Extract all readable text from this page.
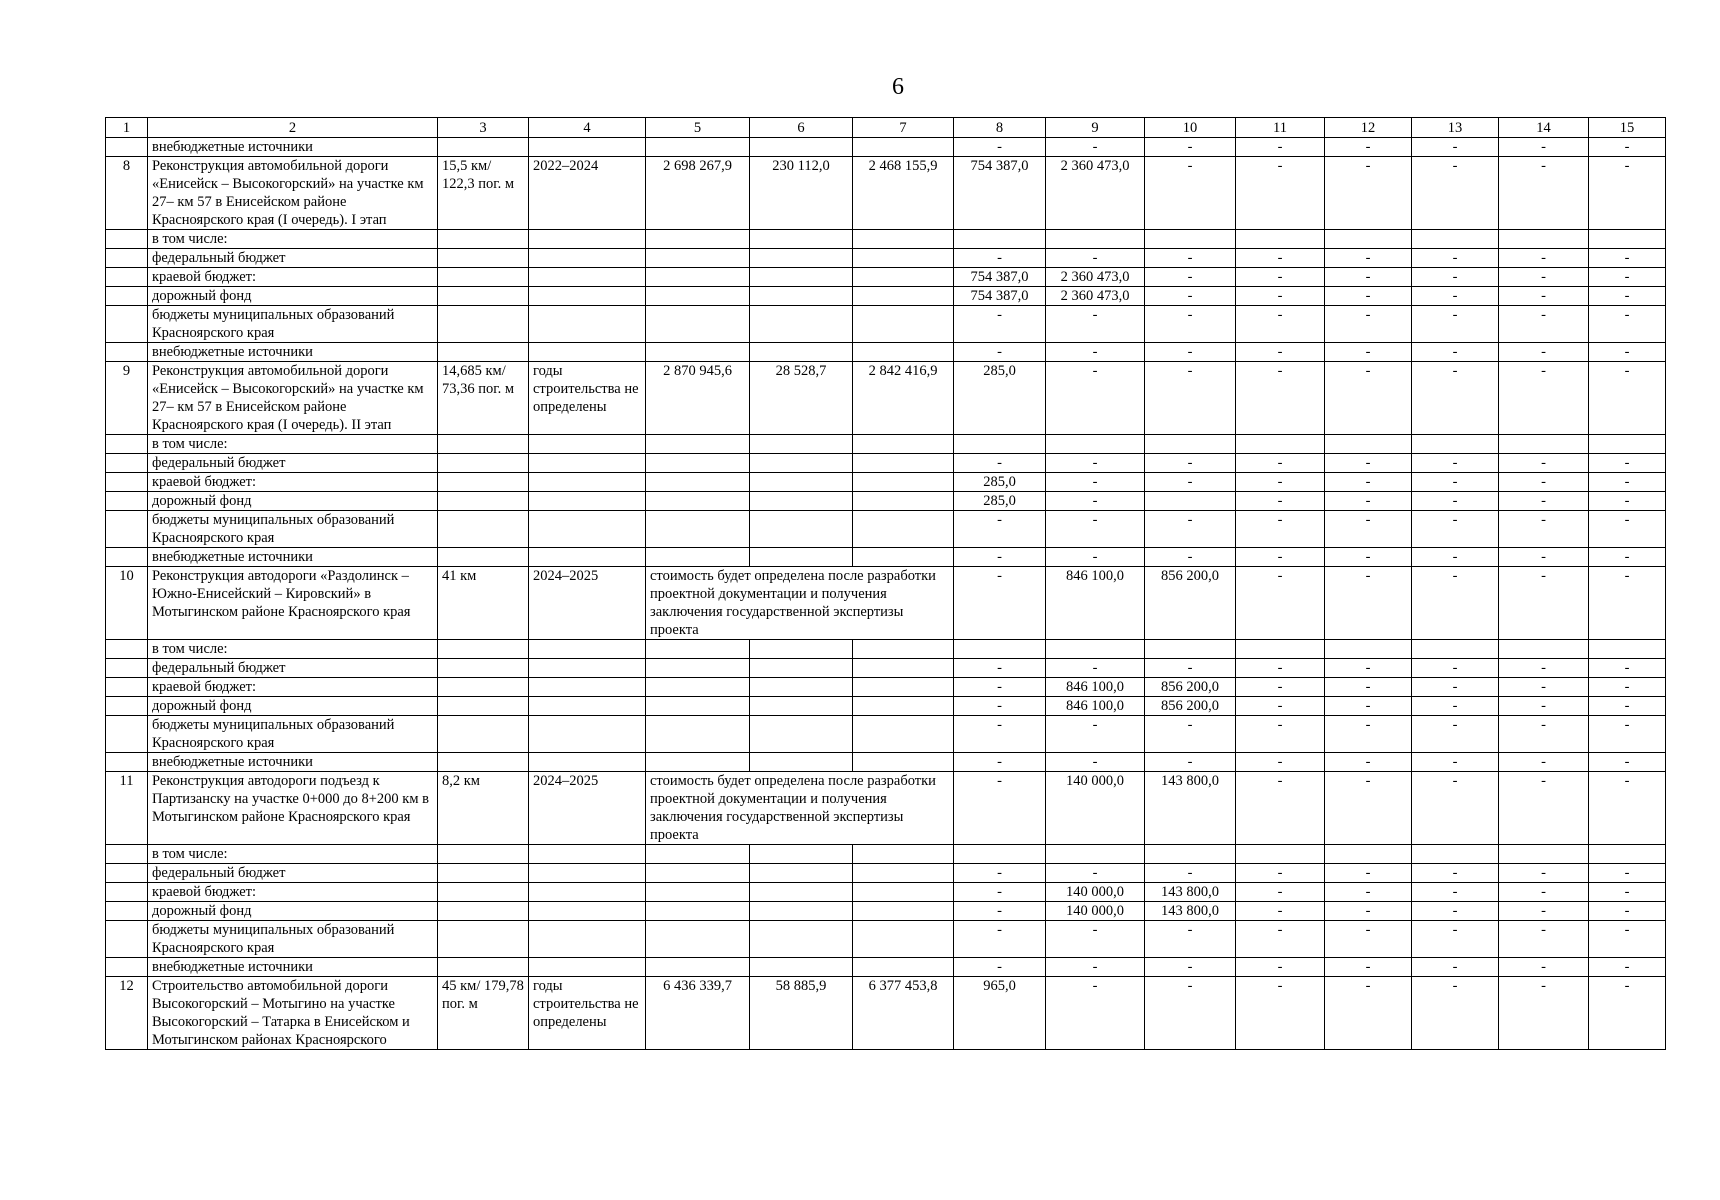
6
1	2	3	4	5	6	7	8	9	10	11	12	13	14	15
	внебюджетные источники						-	-	-	-	-	-	-	-
8	Реконструкция автомобильной дороги «Енисейск – Высокогорский» на участке км 27– км 57 в Енисейском районе Красноярского края (I очередь). I этап	15,5 км/ 122,3 пог. м	2022–2024	2 698 267,9	230 112,0	2 468 155,9	754 387,0	2 360 473,0	-	-	-	-	-	-
	в том числе:													
	федеральный бюджет						-	-	-	-	-	-	-	-
	краевой бюджет:						754 387,0	2 360 473,0	-	-	-	-	-	-
	дорожный фонд						754 387,0	2 360 473,0	-	-	-	-	-	-
	бюджеты муниципальных образований Красноярского края						-	-	-	-	-	-	-	-
	внебюджетные источники						-	-	-	-	-	-	-	-
9	Реконструкция автомобильной дороги «Енисейск – Высокогорский» на участке км 27– км 57 в Енисейском районе Красноярского края (I очередь). II этап	14,685 км/ 73,36 пог. м	годы строительства не определены	2 870 945,6	28 528,7	2 842 416,9	285,0	-	-	-	-	-	-	-
	в том числе:													
	федеральный бюджет						-	-	-	-	-	-	-	-
	краевой бюджет:						285,0	-	-	-	-	-	-	-
	дорожный фонд						285,0	-		-	-	-	-	-
	бюджеты муниципальных образований Красноярского края						-	-	-	-	-	-	-	-
	внебюджетные источники						-	-	-	-	-	-	-	-
10	Реконструкция автодороги «Раздолинск – Южно-Енисейский – Кировский» в Мотыгинском районе Красноярского края	41 км	2024–2025	стоимость будет определена после разработки проектной документации и получения заключения государственной экспертизы проекта			-	846 100,0	856 200,0	-	-	-	-	-
	в том числе:													
	федеральный бюджет						-	-	-	-	-	-	-	-
	краевой бюджет:						-	846 100,0	856 200,0	-	-	-	-	-
	дорожный фонд						-	846 100,0	856 200,0	-	-	-	-	-
	бюджеты муниципальных образований Красноярского края						-	-	-	-	-	-	-	-
	внебюджетные источники						-	-	-	-	-	-	-	-
11	Реконструкция автодороги подъезд к Партизанску на участке 0+000 до 8+200 км в Мотыгинском районе Красноярского края	8,2 км	2024–2025	стоимость будет определена после разработки проектной документации и получения заключения государственной экспертизы проекта			-	140 000,0	143 800,0	-	-	-	-	-
	в том числе:													
	федеральный бюджет						-	-	-	-	-	-	-	-
	краевой бюджет:						-	140 000,0	143 800,0	-	-	-	-	-
	дорожный фонд						-	140 000,0	143 800,0	-	-	-	-	-
	бюджеты муниципальных образований Красноярского края						-	-	-	-	-	-	-	-
	внебюджетные источники						-	-	-	-	-	-	-	-
12	Строительство автомобильной дороги Высокогорский – Мотыгино на участке Высокогорский – Татарка в Енисейском и Мотыгинском районах Красноярского	45 км/ 179,78 пог. м	годы строительства не определены	6 436 339,7	58 885,9	6 377 453,8	965,0	-	-	-	-	-	-	-
